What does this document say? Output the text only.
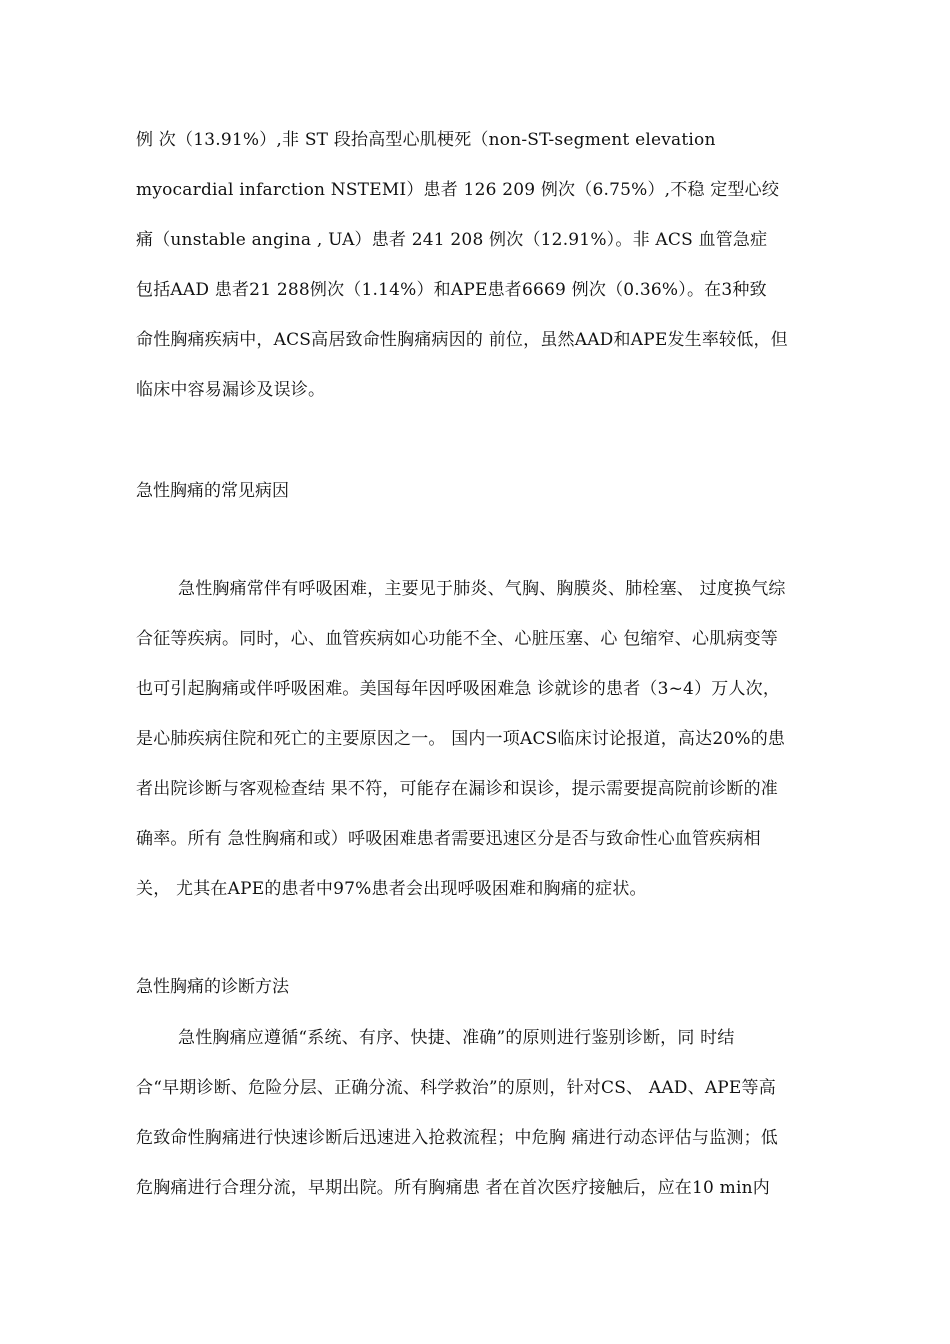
例 次（13.91%）,非 ST 段抬高型心肌梗死（non-ST-segment elevation
myocardial infarction NSTEMI）患者 126 209 例次（6.75%）,不稳 定型心绞
痛（unstable angina , UA）患者 241 208 例次（12.91%）。非 ACS 血管急症
包括AAD 患者21 288例次（1.14%）和APE患者6669 例次（0.36%）。在3种致
命性胸痛疾病中，ACS高居致命性胸痛病因的 前位，虽然AAD和APE发生率较低，但
临床中容易漏诊及误诊。
急性胸痛的常见病因
急性胸痛常伴有呼吸困难，主要见于肺炎、气胸、胸膜炎、肺栓塞、 过度换气综
合征等疾病。同时，心、血管疾病如心功能不全、心脏压塞、心 包缩窄、心肌病变等
也可引起胸痛或伴呼吸困难。美国每年因呼吸困难急 诊就诊的患者（3~4）万人次，
是心肺疾病住院和死亡的主要原因之一。 国内一项ACS临床讨论报道，高达20%的患
者出院诊断与客观检查结 果不符，可能存在漏诊和误诊，提示需要提高院前诊断的准
确率。所有 急性胸痛和或）呼吸困难患者需要迅速区分是否与致命性心血管疾病相
关， 尤其在APE的患者中97%患者会出现呼吸困难和胸痛的症状。
急性胸痛的诊断方法
急性胸痛应遵循“系统、有序、快捷、准确”的原则进行鉴别诊断，同 时结
合“早期诊断、危险分层、正确分流、科学救治”的原则，针对CS、 AAD、APE等高
危致命性胸痛进行快速诊断后迅速进入抢救流程；中危胸 痛进行动态评估与监测；低
危胸痛进行合理分流，早期出院。所有胸痛患 者在首次医疗接触后，应在10 min内
